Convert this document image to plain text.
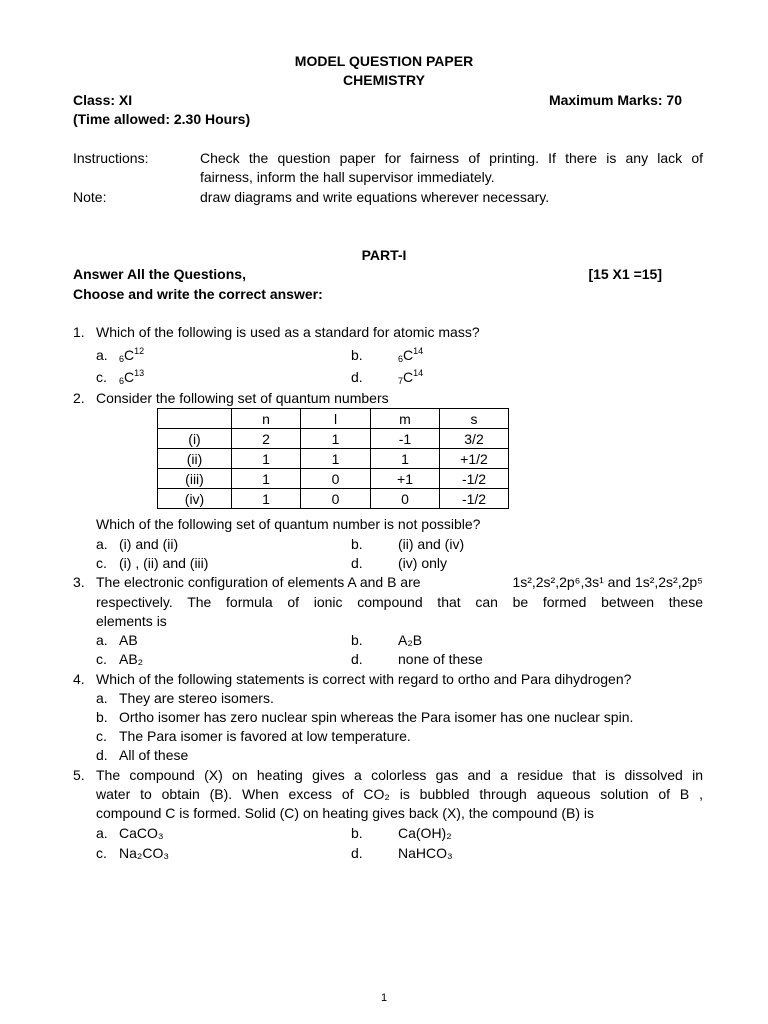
MODEL QUESTION PAPER
CHEMISTRY
Class: XI	Maximum Marks: 70
(Time allowed: 2.30 Hours)
Instructions:	Check the question paper for fairness of printing. If there is any lack of
fairness, inform the hall supervisor immediately.
Note:	draw diagrams and write equations wherever necessary.
PART-I
Answer All the Questions,	[15 X1 =15]
Choose and write the correct answer:
1. Which of the following is used as a standard for atomic mass?
a. $_6C^{12}$	b.	$_6C^{14}$
c. $_6C^{13}$	d.	$_7C^{14}$
2. Consider the following set of quantum numbers
	n	l	m	s
(i)	2	1	-1	3/2
(ii)	1	1	1	+1/2
(iii)	1	0	+1	-1/2
(iv)	1	0	0	-1/2
Which of the following set of quantum number is not possible?
a. (i) and (ii)	b.	(ii) and (iv)
c. (i) , (ii) and (iii)	d.	(iv) only
3. The electronic configuration of elements A and B are	1s²,2s²,2p⁶,3s¹ and 1s²,2s²,2p⁵
respectively. The formula of ionic compound that can be formed between these
elements is
a. AB	b.	A₂B
c. AB₂	d.	none of these
4. Which of the following statements is correct with regard to ortho and Para dihydrogen?
a. They are stereo isomers.
b. Ortho isomer has zero nuclear spin whereas the Para isomer has one nuclear spin.
c. The Para isomer is favored at low temperature.
d. All of these
5. The compound (X) on heating gives a colorless gas and a residue that is dissolved in
water to obtain (B). When excess of CO₂ is bubbled through aqueous solution of B ,
compound C is formed. Solid (C) on heating gives back (X), the compound (B) is
a. CaCO₃	b.	Ca(OH)₂
c. Na₂CO₃	d.	NaHCO₃
1
